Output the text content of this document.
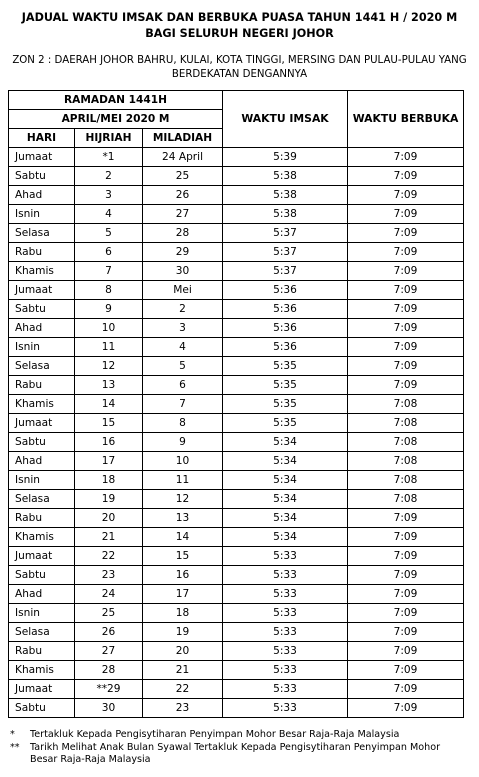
JADUAL WAKTU IMSAK DAN BERBUKA PUASA TAHUN 1441 H / 2020 M
BAGI SELURUH NEGERI JOHOR
ZON 2 : DAERAH JOHOR BAHRU, KULAI, KOTA TINGGI, MERSING DAN PULAU-PULAU YANG
BERDEKATAN DENGANNYA
RAMADAN 1441H			WAKTU IMSAK	WAKTU BERBUKA
APRIL/MEI 2020 M				
HARI	HIJRIAH	MILADIAH		
Jumaat	*1	24 April	5:39	7:09
Sabtu	2	25	5:38	7:09
Ahad	3	26	5:38	7:09
Isnin	4	27	5:38	7:09
Selasa	5	28	5:37	7:09
Rabu	6	29	5:37	7:09
Khamis	7	30	5:37	7:09
Jumaat	8	Mei	5:36	7:09
Sabtu	9	2	5:36	7:09
Ahad	10	3	5:36	7:09
Isnin	11	4	5:36	7:09
Selasa	12	5	5:35	7:09
Rabu	13	6	5:35	7:09
Khamis	14	7	5:35	7:08
Jumaat	15	8	5:35	7:08
Sabtu	16	9	5:34	7:08
Ahad	17	10	5:34	7:08
Isnin	18	11	5:34	7:08
Selasa	19	12	5:34	7:08
Rabu	20	13	5:34	7:09
Khamis	21	14	5:34	7:09
Jumaat	22	15	5:33	7:09
Sabtu	23	16	5:33	7:09
Ahad	24	17	5:33	7:09
Isnin	25	18	5:33	7:09
Selasa	26	19	5:33	7:09
Rabu	27	20	5:33	7:09
Khamis	28	21	5:33	7:09
Jumaat	**29	22	5:33	7:09
Sabtu	30	23	5:33	7:09
*	Tertakluk Kepada Pengisytiharan Penyimpan Mohor Besar Raja-Raja Malaysia
**	Tarikh Melihat Anak Bulan Syawal Tertakluk Kepada Pengisytiharan Penyimpan Mohor Besar Raja-Raja Malaysia
